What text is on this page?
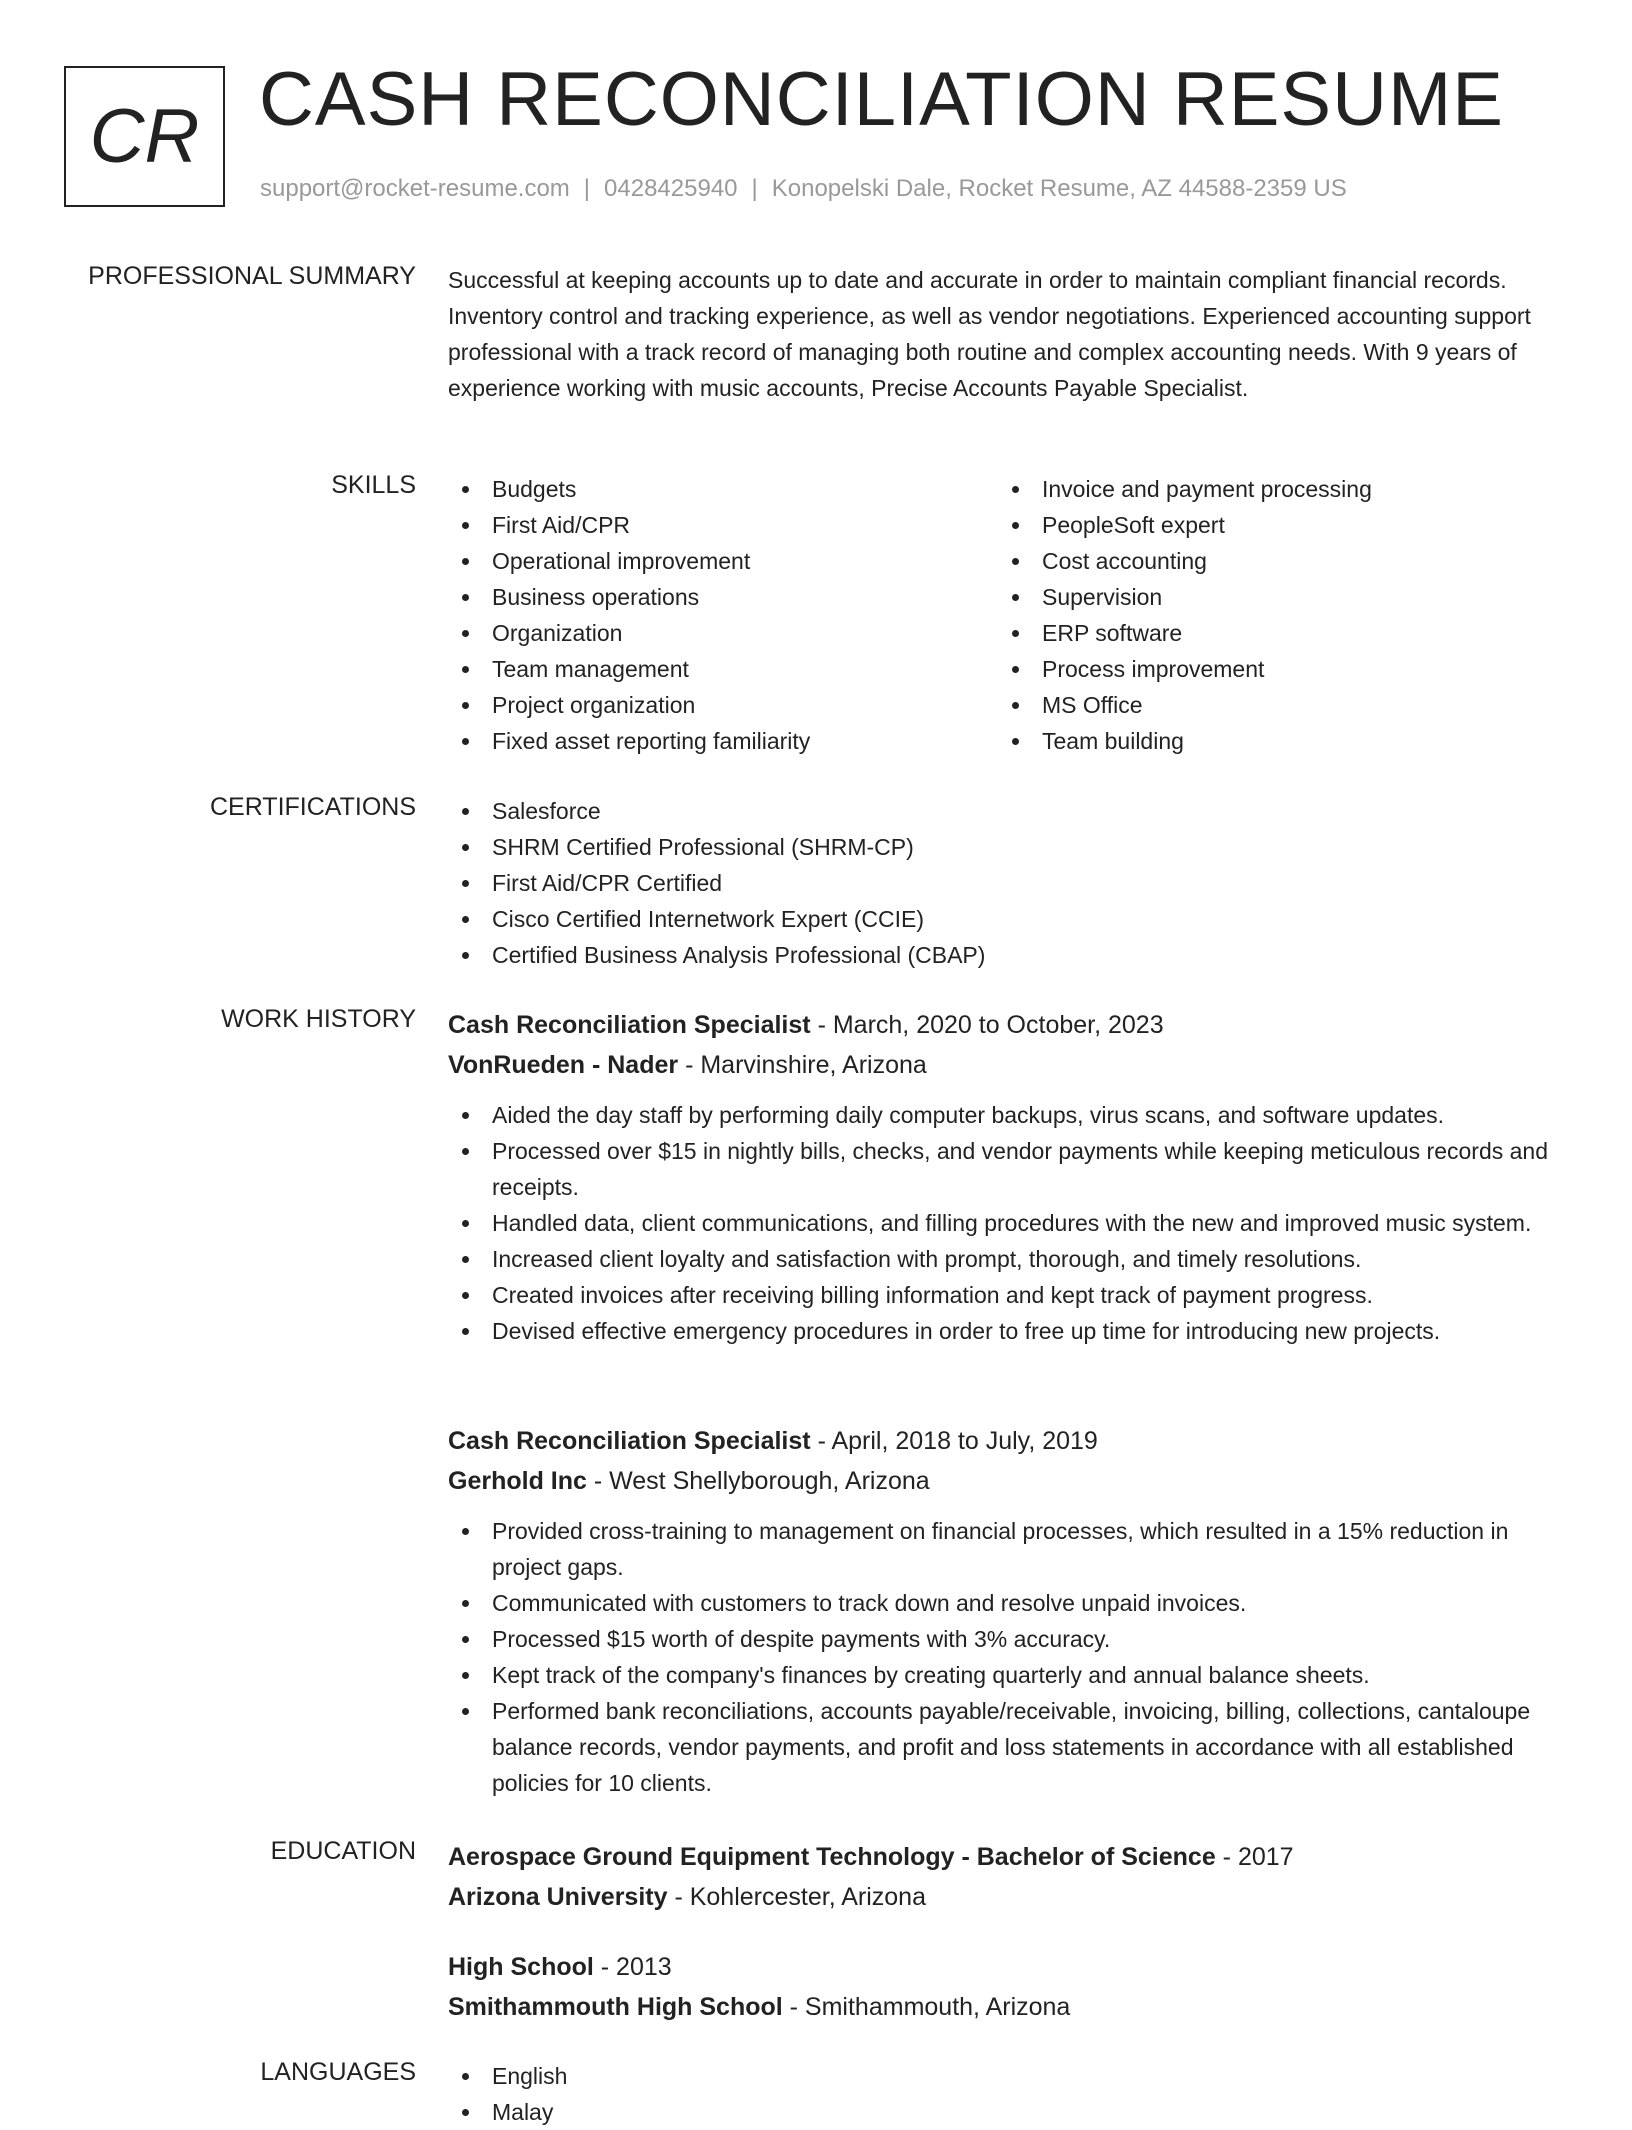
CR CASH RECONCILIATION RESUME
support@rocket-resume.com | 0428425940 | Konopelski Dale, Rocket Resume, AZ 44588-2359 US
PROFESSIONAL SUMMARY Successful at keeping accounts up to date and accurate in order to maintain compliant financial records. Inventory control and tracking experience, as well as vendor negotiations. Experienced accounting support professional with a track record of managing both routine and complex accounting needs. With 9 years of experience working with music accounts, Precise Accounts Payable Specialist.

SKILLS	Budgets
First Aid/CPR
Operational improvement
Business operations
Organization
Team management
Project organization
Fixed asset reporting familiarity
Invoice and payment processing
PeopleSoft expert
Cost accounting
Supervision
ERP software
Process improvement
MS Office
Team building
CERTIFICATIONS	Salesforce
SHRM Certified Professional (SHRM-CP)
First Aid/CPR Certified
Cisco Certified Internetwork Expert (CCIE)
Certified Business Analysis Professional (CBAP)
WORK HISTORY Cash Reconciliation Specialist - March, 2020 to October, 2023
VonRueden - Nader - Marvinshire, Arizona
Aided the day staff by performing daily computer backups, virus scans, and software updates.
Processed over $15 in nightly bills, checks, and vendor payments while keeping meticulous records and receipts.
Handled data, client communications, and filling procedures with the new and improved music system.
Increased client loyalty and satisfaction with prompt, thorough, and timely resolutions.
Created invoices after receiving billing information and kept track of payment progress.
Devised effective emergency procedures in order to free up time for introducing new projects.
Cash Reconciliation Specialist - April, 2018 to July, 2019
Gerhold Inc - West Shellyborough, Arizona
Provided cross-training to management on financial processes, which resulted in a 15% reduction in project gaps.
Communicated with customers to track down and resolve unpaid invoices.
Processed $15 worth of despite payments with 3% accuracy.
Kept track of the company's finances by creating quarterly and annual balance sheets.
Performed bank reconciliations, accounts payable/receivable, invoicing, billing, collections, cantaloupe balance records, vendor payments, and profit and loss statements in accordance with all established policies for 10 clients.
EDUCATION Aerospace Ground Equipment Technology - Bachelor of Science - 2017
Arizona University - Kohlercester, Arizona
High School - 2013
Smithammouth High School - Smithammouth, Arizona
LANGUAGES	English
Malay
